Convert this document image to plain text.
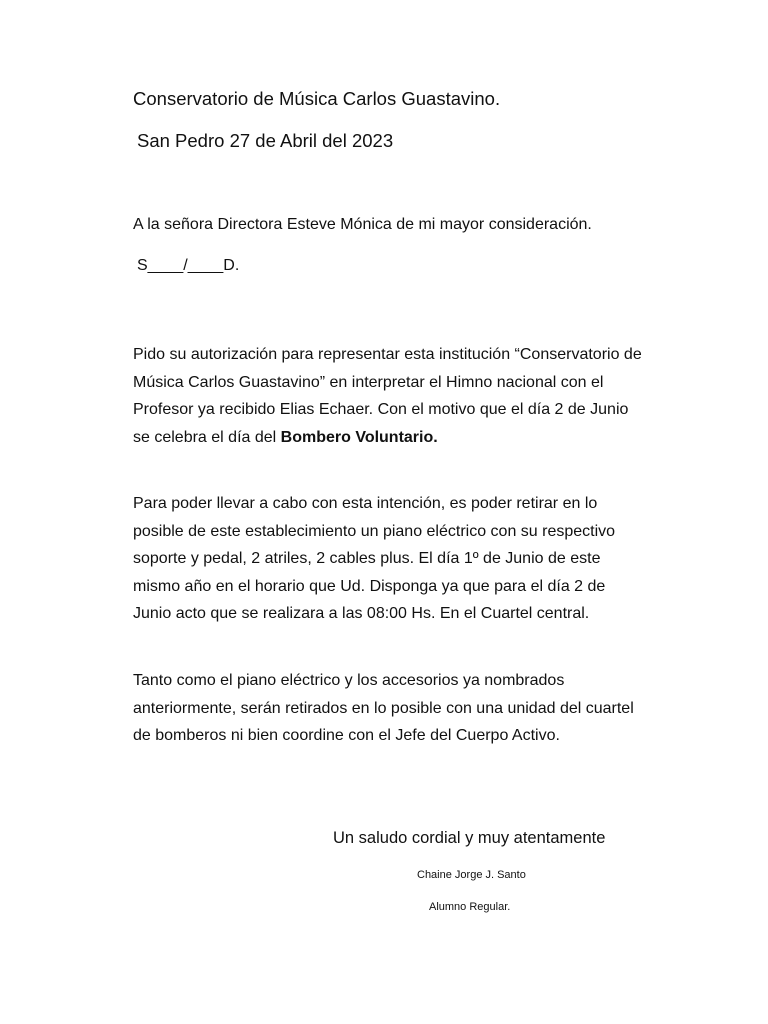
Conservatorio de Música Carlos Guastavino.

San Pedro 27 de Abril del 2023

A la señora Directora Esteve Mónica de mi mayor consideración.

S____/____D.

Pido su autorización para representar esta institución “Conservatorio de Música Carlos Guastavino” en interpretar el Himno nacional con el Profesor ya recibido Elias Echaer. Con el motivo que el día 2 de Junio se celebra el día del Bombero Voluntario.

Para poder llevar a cabo con esta intención, es poder retirar en lo posible de este establecimiento un piano eléctrico con su respectivo soporte y pedal, 2 atriles, 2 cables plus. El día 1º de Junio de este mismo año en el horario que Ud. Disponga ya que para el día 2 de Junio acto que se realizara a las 08:00 Hs. En el Cuartel central.

Tanto como el piano eléctrico y los accesorios ya nombrados anteriormente, serán retirados en lo posible con una unidad del cuartel de bomberos ni bien coordine con el Jefe del Cuerpo Activo.

Un saludo cordial y muy atentamente

Chaine Jorge J. Santo

Alumno Regular.
